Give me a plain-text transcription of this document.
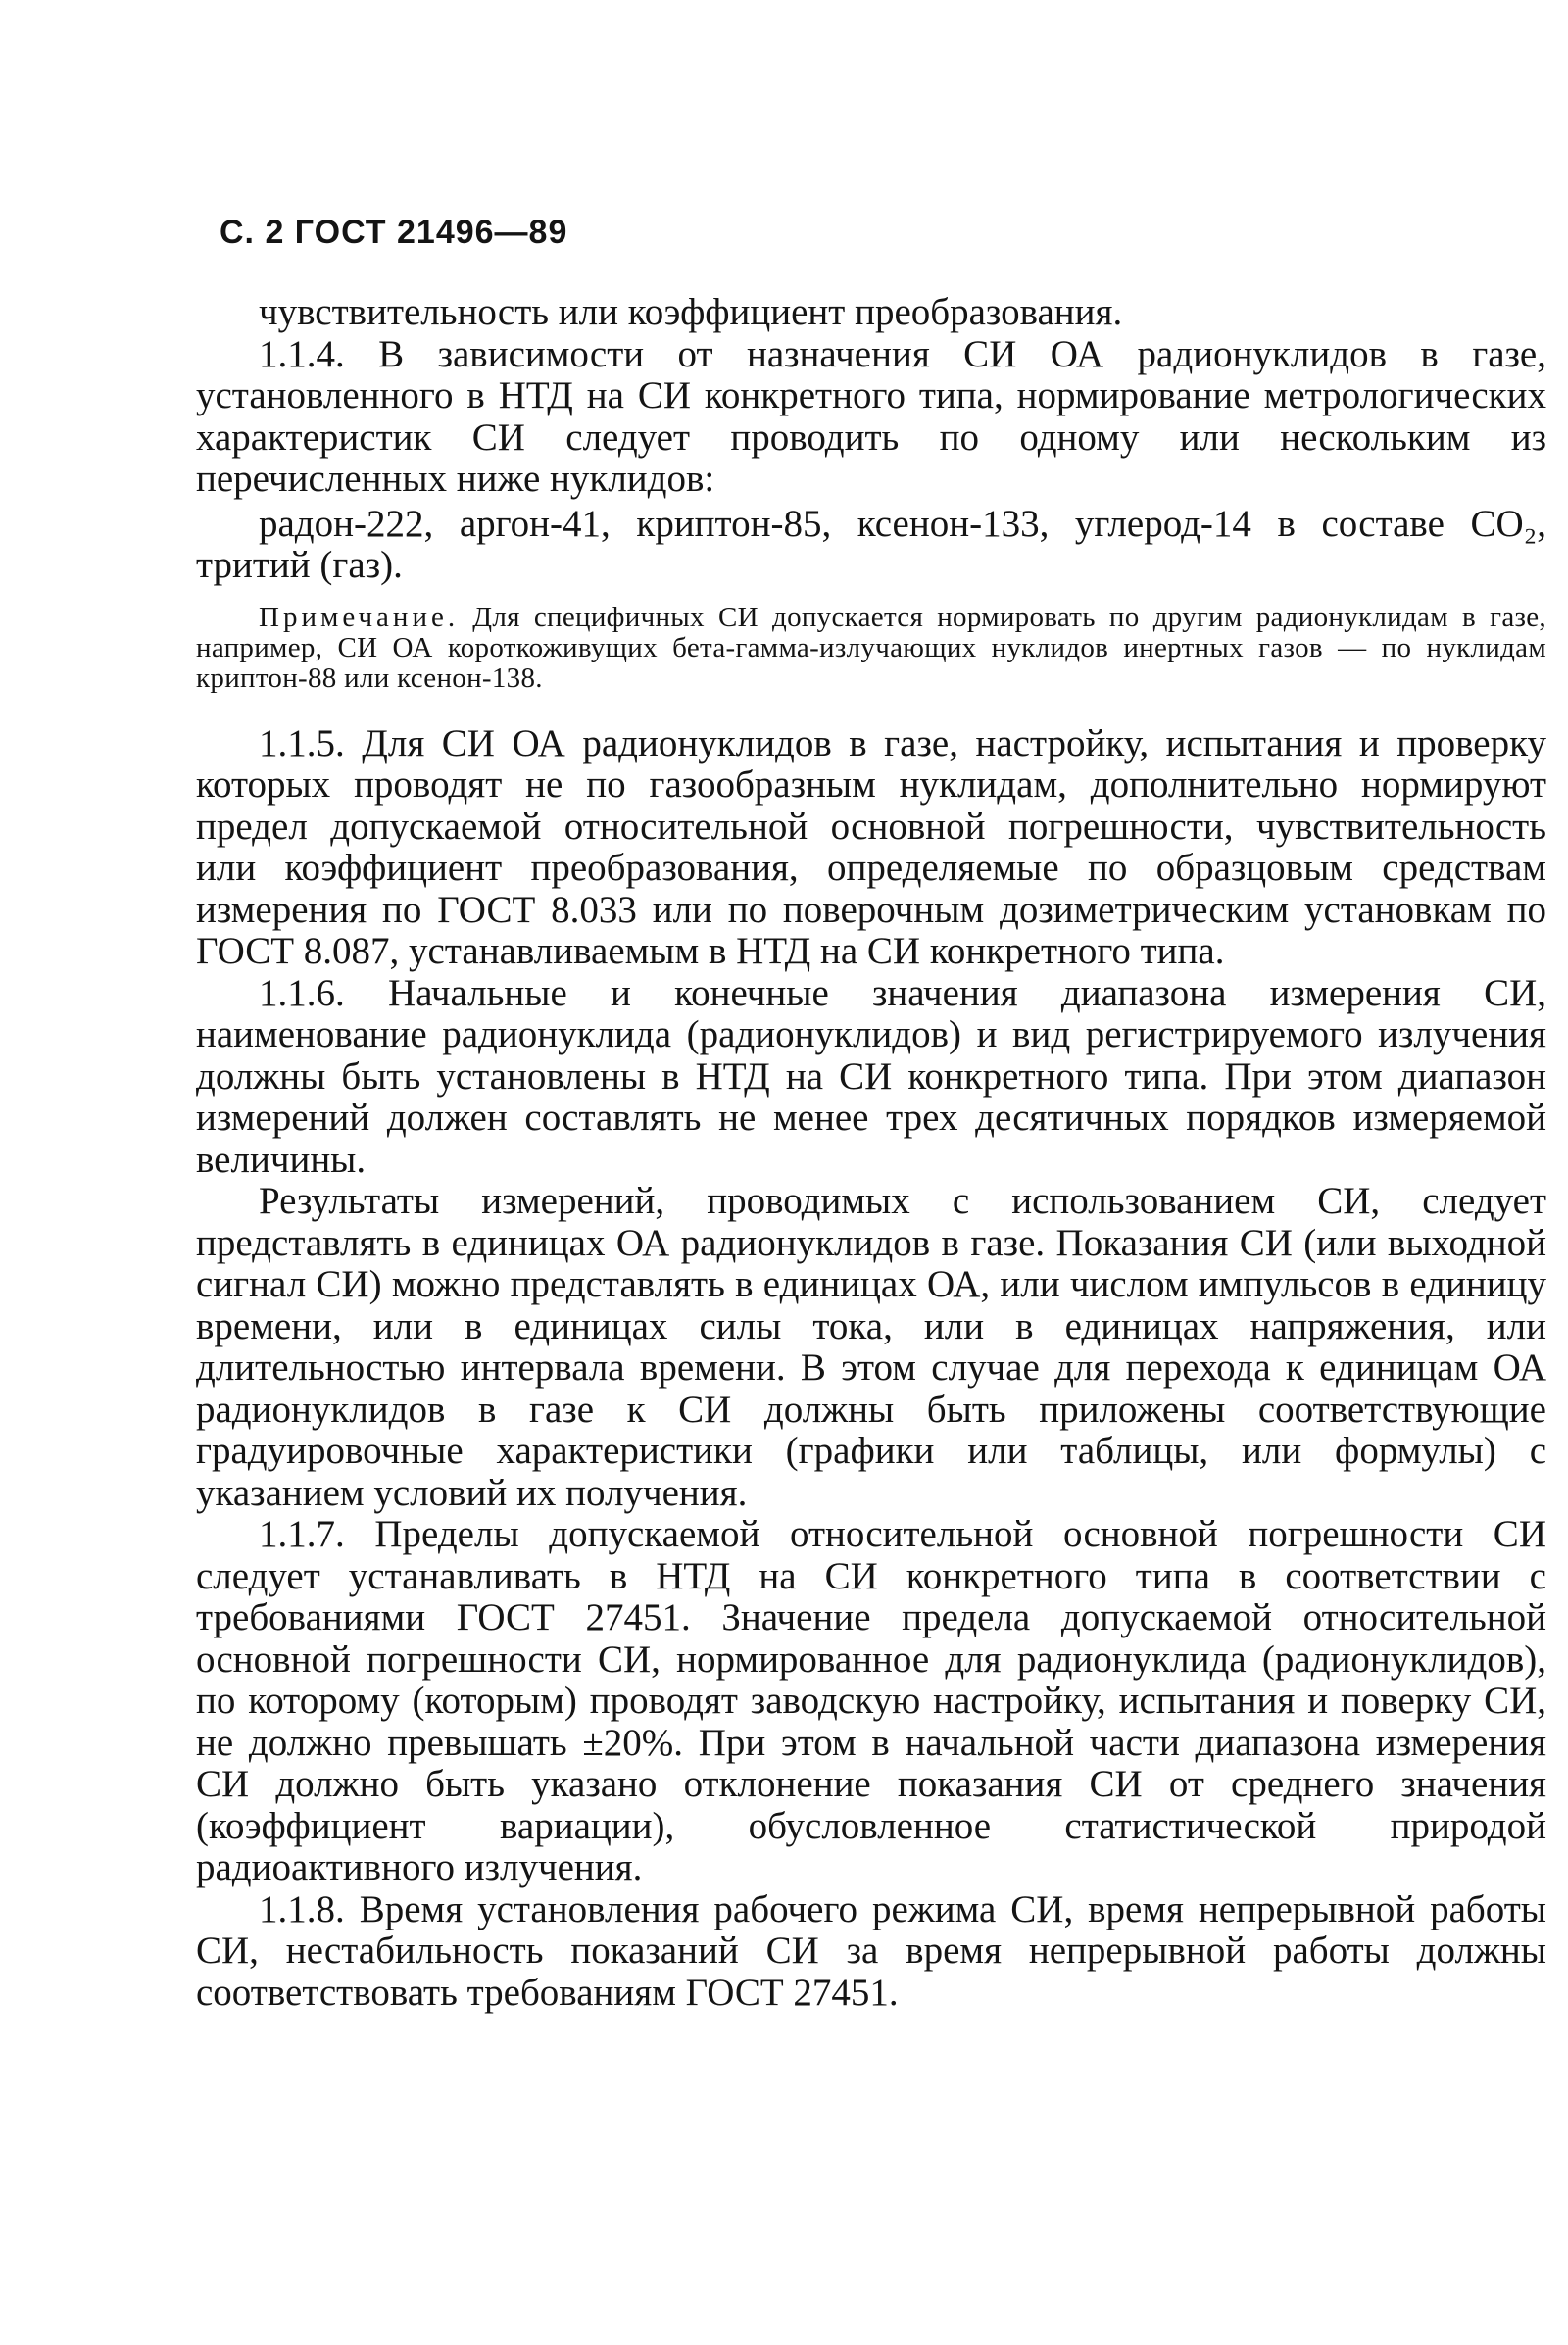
С. 2 ГОСТ 21496—89

чувствительность или коэффициент преобразования.

1.1.4. В зависимости от назначения СИ ОА радионуклидов в газе, установленного в НТД на СИ конкретного типа, нормирование метрологических характеристик СИ следует проводить по одному или нескольким из перечисленных ниже нуклидов:

радон-222, аргон-41, криптон-85, ксенон-133, углерод-14 в составе CO₂, тритий (газ).

Примечание. Для специфичных СИ допускается нормировать по другим радионуклидам в газе, например, СИ ОА короткоживущих бета-гамма-излучающих нуклидов инертных газов — по нуклидам криптон-88 или ксенон-138.

1.1.5. Для СИ ОА радионуклидов в газе, настройку, испытания и проверку которых проводят не по газообразным нуклидам, дополнительно нормируют предел допускаемой относительной основной погрешности, чувствительность или коэффициент преобразования, определяемые по образцовым средствам измерения по ГОСТ 8.033 или по поверочным дозиметрическим установкам по ГОСТ 8.087, устанавливаемым в НТД на СИ конкретного типа.

1.1.6. Начальные и конечные значения диапазона измерения СИ, наименование радионуклида (радионуклидов) и вид регистрируемого излучения должны быть установлены в НТД на СИ конкретного типа. При этом диапазон измерений должен составлять не менее трех десятичных порядков измеряемой величины.

Результаты измерений, проводимых с использованием СИ, следует представлять в единицах ОА радионуклидов в газе. Показания СИ (или выходной сигнал СИ) можно представлять в единицах ОА, или числом импульсов в единицу времени, или в единицах силы тока, или в единицах напряжения, или длительностью интервала времени. В этом случае для перехода к единицам ОА радионуклидов в газе к СИ должны быть приложены соответствующие градуировочные характеристики (графики или таблицы, или формулы) с указанием условий их получения.

1.1.7. Пределы допускаемой относительной основной погрешности СИ следует устанавливать в НТД на СИ конкретного типа в соответствии с требованиями ГОСТ 27451. Значение предела допускаемой относительной основной погрешности СИ, нормированное для радионуклида (радионуклидов), по которому (которым) проводят заводскую настройку, испытания и поверку СИ, не должно превышать ±20%. При этом в начальной части диапазона измерения СИ должно быть указано отклонение показания СИ от среднего значения (коэффициент вариации), обусловленное статистической природой радиоактивного излучения.

1.1.8. Время установления рабочего режима СИ, время непрерывной работы СИ, нестабильность показаний СИ за время непрерывной работы должны соответствовать требованиям ГОСТ 27451.
